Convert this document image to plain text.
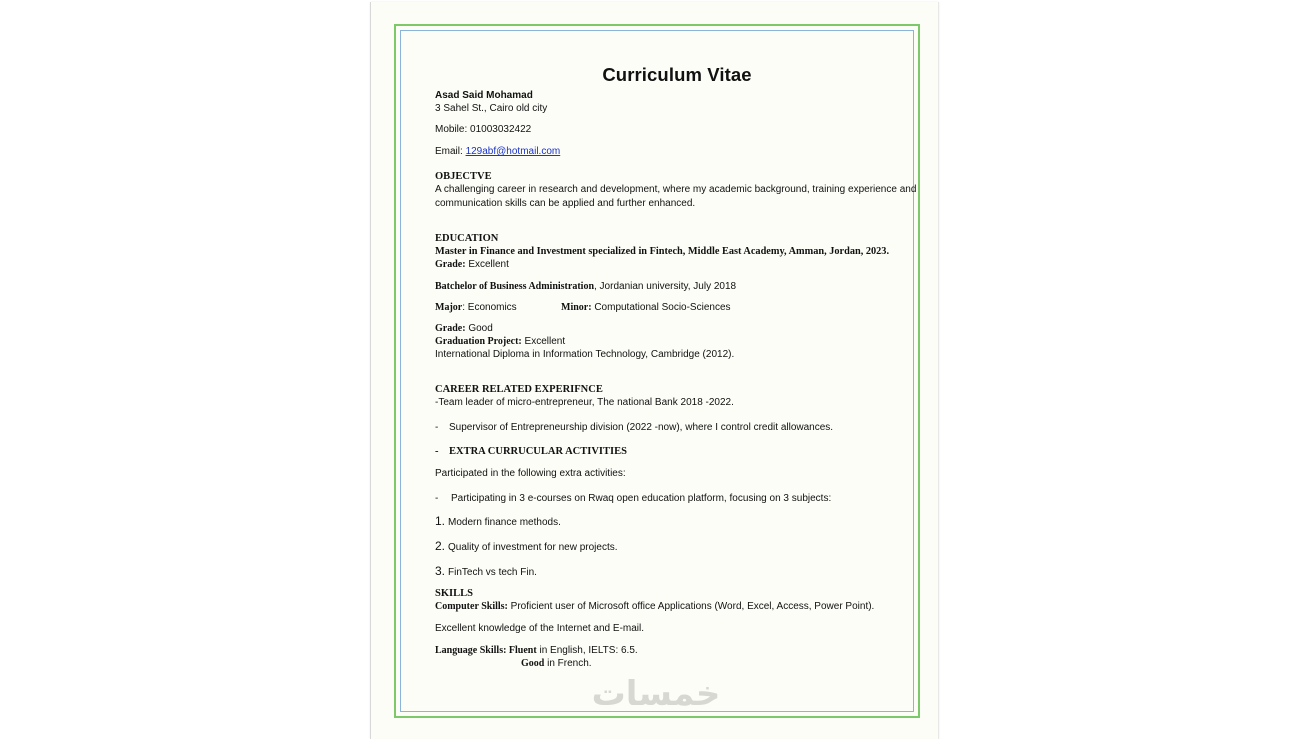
Curriculum Vitae

Asad Said Mohamad

3 Sahel St., Cairo old city

Mobile: 01003032422

Email: 129abf@hotmail.com

OBJECTVE

A challenging career in research and development, where my academic background, training experience and

communication skills can be applied and further enhanced.

EDUCATION

Master in Finance and Investment specialized in Fintech, Middle East Academy, Amman, Jordan, 2023.

Grade: Excellent

Batchelor of Business Administration, Jordanian university, July 2018

Major: Economics	Minor: Computational Socio-Sciences

Grade: Good

Graduation Project: Excellent

International Diploma in Information Technology, Cambridge (2012).

CAREER RELATED EXPERIFNCE

-Team leader of micro-entrepreneur, The national Bank 2018 -2022.

- Supervisor of Entrepreneurship division (2022 -now), where I control credit allowances.

- EXTRA CURRUCULAR ACTIVITIES

Participated in the following extra activities:

- Participating in 3 e-courses on Rwaq open education platform, focusing on 3 subjects:

1. Modern finance methods.

2. Quality of investment for new projects.

3. FinTech vs tech Fin.

SKILLS

Computer Skills: Proficient user of Microsoft office Applications (Word, Excel, Access, Power Point).

Excellent knowledge of the Internet and E-mail.

Language Skills: Fluent in English, IELTS: 6.5.

Good in French.

خمسات
